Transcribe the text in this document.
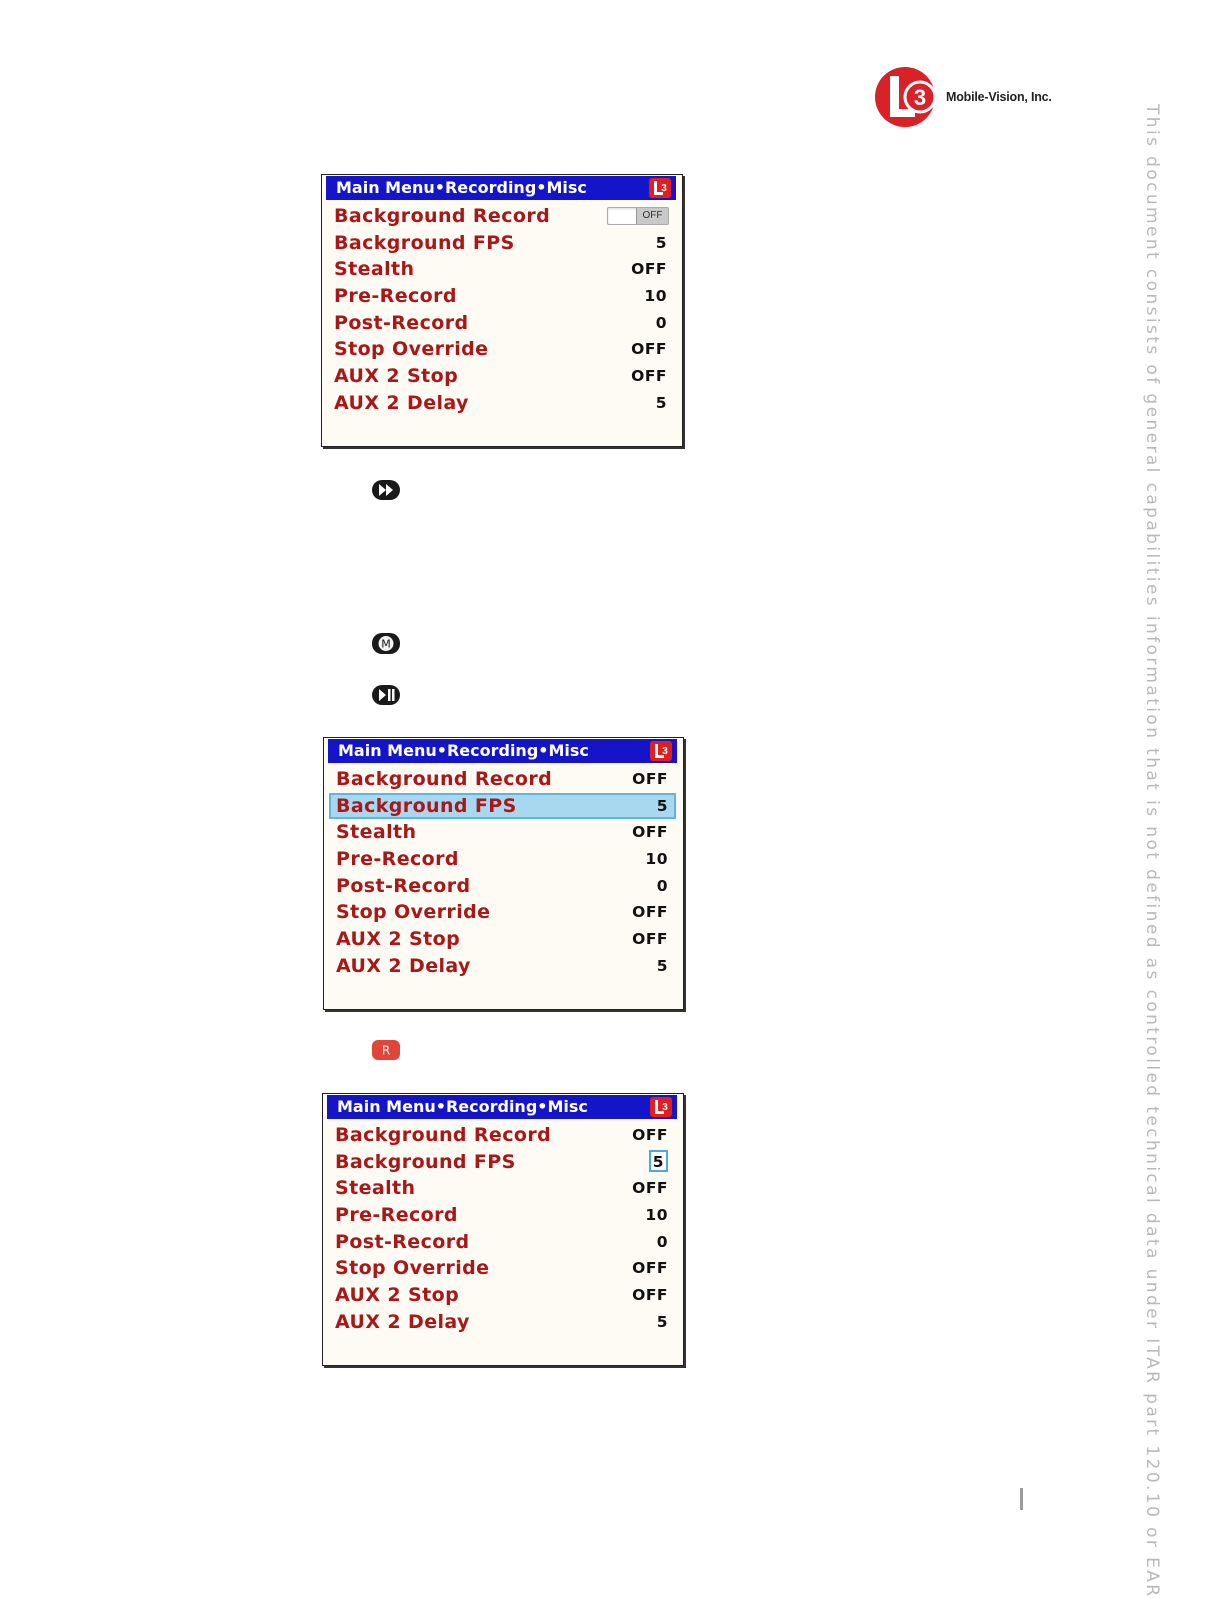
3 Mobile-Vision, Inc.
This document consists of general capabilities information that is not defined as controlled technical data under ITAR part 120.10 or EAR
Main Menu•Recording•Misc	3
Background Record	OFF
Background FPS	5
Stealth	OFF
Pre-Record	10
Post-Record	0
Stop Override	OFF
AUX 2 Stop	OFF
AUX 2 Delay	5
M
Main Menu•Recording•Misc	3
Background Record	OFF
Background FPS	5
Stealth	OFF
Pre-Record	10
Post-Record	0
Stop Override	OFF
AUX 2 Stop	OFF
AUX 2 Delay	5
R
Main Menu•Recording•Misc	3
Background Record	OFF
Background FPS	5
Stealth	OFF
Pre-Record	10
Post-Record	0
Stop Override	OFF
AUX 2 Stop	OFF
AUX 2 Delay	5
